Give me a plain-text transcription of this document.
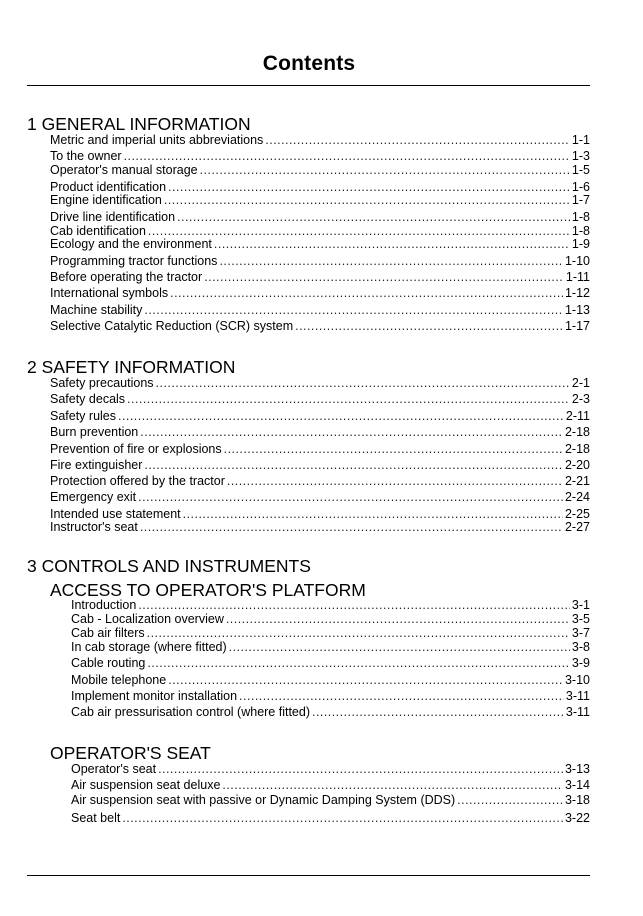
Contents
1 GENERAL INFORMATION
Metric and imperial units abbreviations . . .	1-1
To the owner . . .	1-3
Operator's manual storage . . .	1-5
Product identification . . .	1-6
Engine identification . . .	1-7
Drive line identification . . .	1-8
Cab identification . . .	1-8
Ecology and the environment . . .	1-9
Programming tractor functions . . .	1-10
Before operating the tractor . . .	1-11
International symbols . . .	1-12
Machine stability . . .	1-13
Selective Catalytic Reduction (SCR) system . . .	1-17
2 SAFETY INFORMATION
Safety precautions . . .	2-1
Safety decals . . .	2-3
Safety rules . . .	2-11
Burn prevention . . .	2-18
Prevention of fire or explosions . . .	2-18
Fire extinguisher . . .	2-20
Protection offered by the tractor . . .	2-21
Emergency exit . . .	2-24
Intended use statement . . .	2-25
Instructor's seat . . .	2-27
3 CONTROLS AND INSTRUMENTS
ACCESS TO OPERATOR'S PLATFORM
Introduction . . .	3-1
Cab - Localization overview . . .	3-5
Cab air filters . . .	3-7
In cab storage (where fitted) . . .	3-8
Cable routing . . .	3-9
Mobile telephone . . .	3-10
Implement monitor installation . . .	3-11
Cab air pressurisation control (where fitted) . . .	3-11
OPERATOR'S SEAT
Operator's seat . . .	3-13
Air suspension seat deluxe . . .	3-14
Air suspension seat with passive or Dynamic Damping System (DDS) . . .	3-18
Seat belt . . .	3-22
